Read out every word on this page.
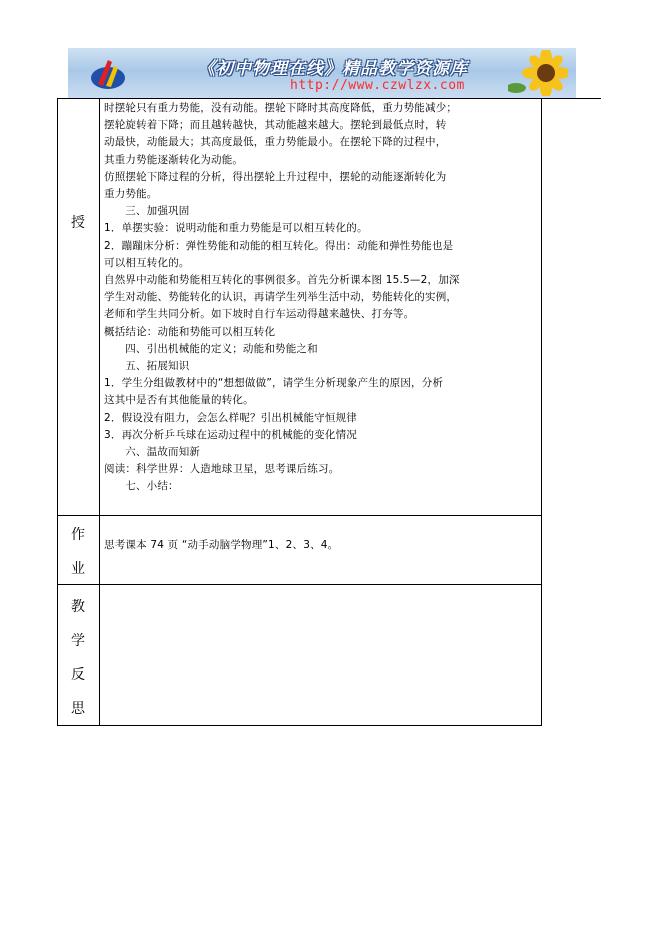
《初中物理在线》精品教学资源库
http://www.czwlzx.com
授

时摆轮只有重力势能，没有动能。摆轮下降时其高度降低，重力势能减少；

摆轮旋转着下降；而且越转越快，其动能越来越大。摆轮到最低点时，转

动最快，动能最大；其高度最低，重力势能最小。在摆轮下降的过程中，

其重力势能逐渐转化为动能。

仿照摆轮下降过程的分析，得出摆轮上升过程中，摆轮的动能逐渐转化为

重力势能。

三、加强巩固

1．单摆实验：说明动能和重力势能是可以相互转化的。

2．蹦蹦床分析：弹性势能和动能的相互转化。得出：动能和弹性势能也是

可以相互转化的。

自然界中动能和势能相互转化的事例很多。首先分析课本图 15.5—2，加深

学生对动能、势能转化的认识，再请学生列举生活中动，势能转化的实例，

老师和学生共同分析。如下坡时自行车运动得越来越快、打夯等。

概括结论：动能和势能可以相互转化

四、引出机械能的定义；动能和势能之和

五、拓展知识

1．学生分组做教材中的“想想做做”，请学生分析现象产生的原因，分析

这其中是否有其他能量的转化。

2．假设没有阻力，会怎么样呢？引出机械能守恒规律

3．再次分析乒乓球在运动过程中的机械能的变化情况

六、温故而知新

阅读：科学世界：人造地球卫星，思考课后练习。

七、小结：

作
业
思考课本 74 页 “动手动脑学物理”1、2、3、4。
教
学
反
思
